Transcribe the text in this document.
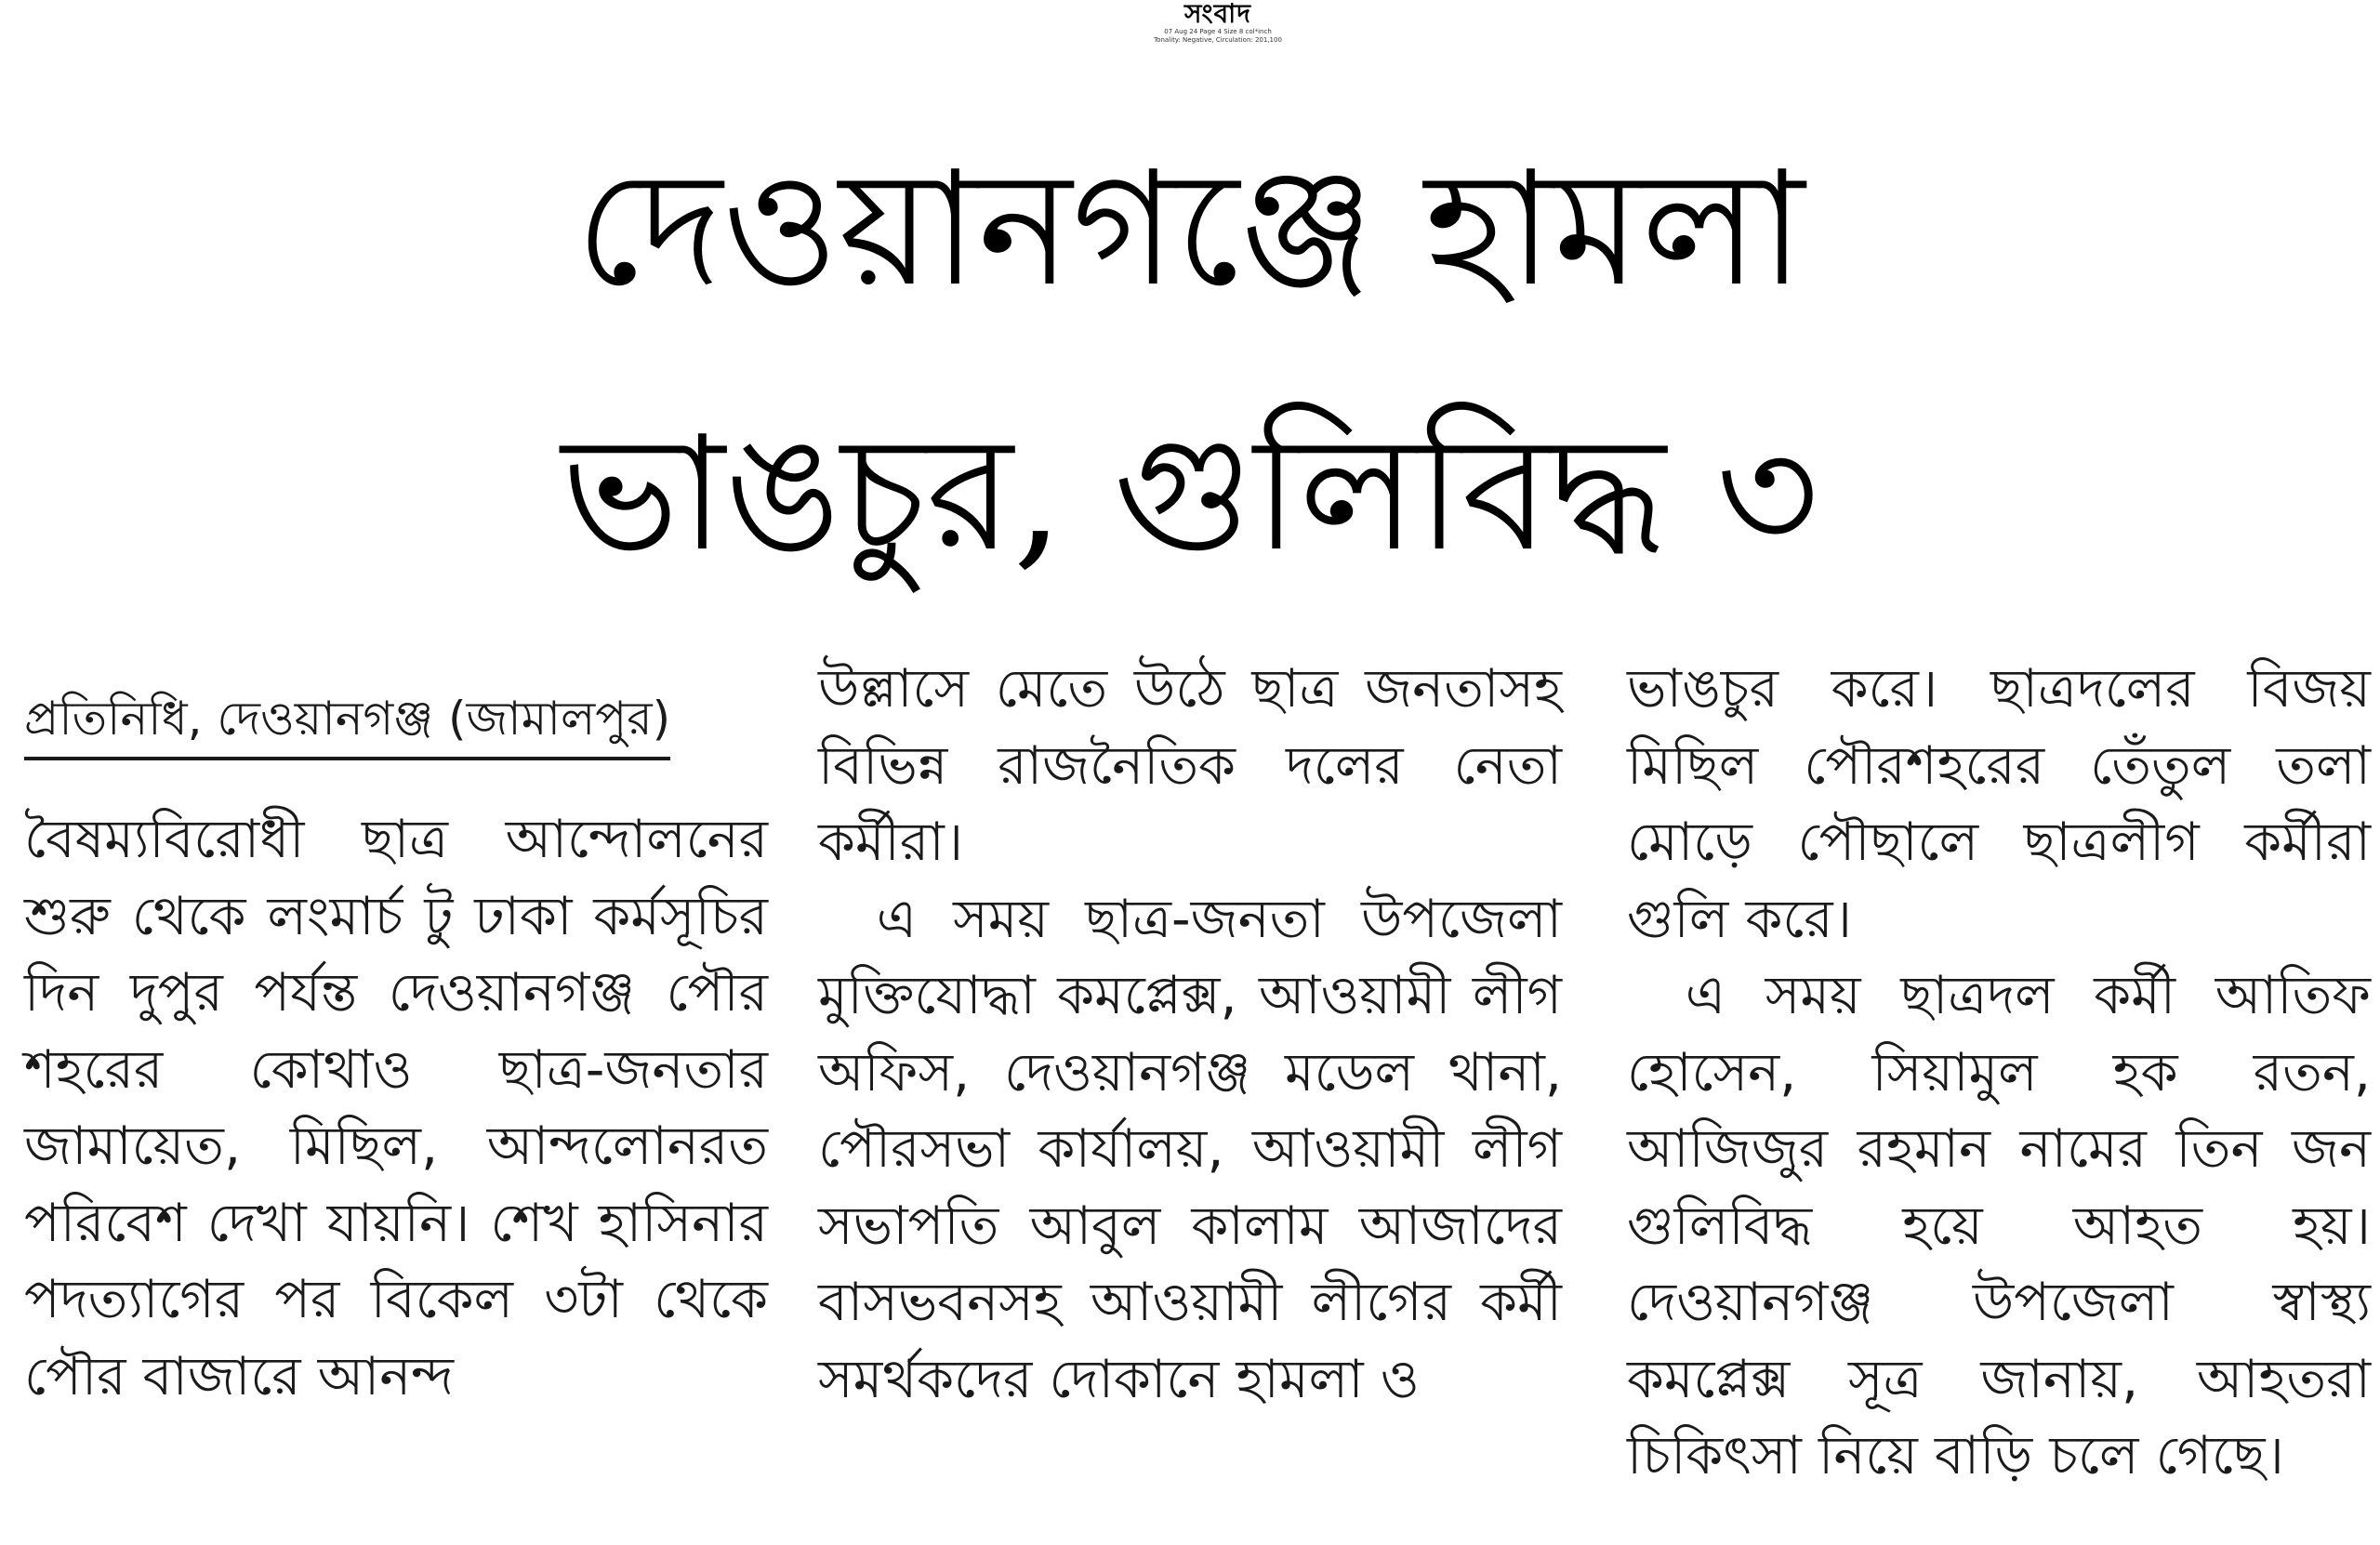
সংবাদ
07 Aug 24 Page 4 Size 8 col*inch
Tonality: Negative, Circulation: 201,100
দেওয়ানগঞ্জে হামলা
ভাঙচুর, গুলিবিদ্ধ ৩
প্রতিনিধি, দেওয়ানগঞ্জ (জামালপুর)

বৈষম্যবিরোধী ছাত্র আন্দোলনের শুরু থেকে লংমার্চ টু ঢাকা কর্মসূচির দিন দুপুর পর্যন্ত দেওয়ানগঞ্জ পৌর শহরের কোথাও ছাত্র-জনতার জামায়েত, মিছিল, আন্দলোনরত পরিবেশ দেখা যায়নি। শেখ হাসিনার পদত্যাগের পর বিকেল ৩টা থেকে পৌর বাজারে আনন্দ

উল্লাসে মেতে উঠে ছাত্র জনতাসহ বিভিন্ন রাজনৈতিক দলের নেতা কর্মীরা।

এ সময় ছাত্র-জনতা উপজেলা মুক্তিযোদ্ধা কমপ্লেক্স, আওয়ামী লীগ অফিস, দেওয়ানগঞ্জ মডেল থানা, পৌরসভা কার্যালয়, আওয়ামী লীগ সভাপতি আবুল কালাম আজাদের বাসভবনসহ আওয়ামী লীগের কর্মী সমর্থকদের দোকানে হামলা ও

ভাঙচুর করে। ছাত্রদলের বিজয় মিছিল পৌরশহরের তেঁতুল তলা মোড়ে পৌছালে ছাত্রলীগ কর্মীরা গুলি করে।

এ সময় ছাত্রদল কর্মী আতিফ হোসেন, সিয়ামুল হক রতন, আজিজুর রহমান নামের তিন জন গুলিবিদ্ধ হয়ে আহত হয়। দেওয়ানগঞ্জ উপজেলা স্বাস্থ্য কমপ্লেক্স সূত্র জানায়, আহতরা চিকিৎসা নিয়ে বাড়ি চলে গেছে।
